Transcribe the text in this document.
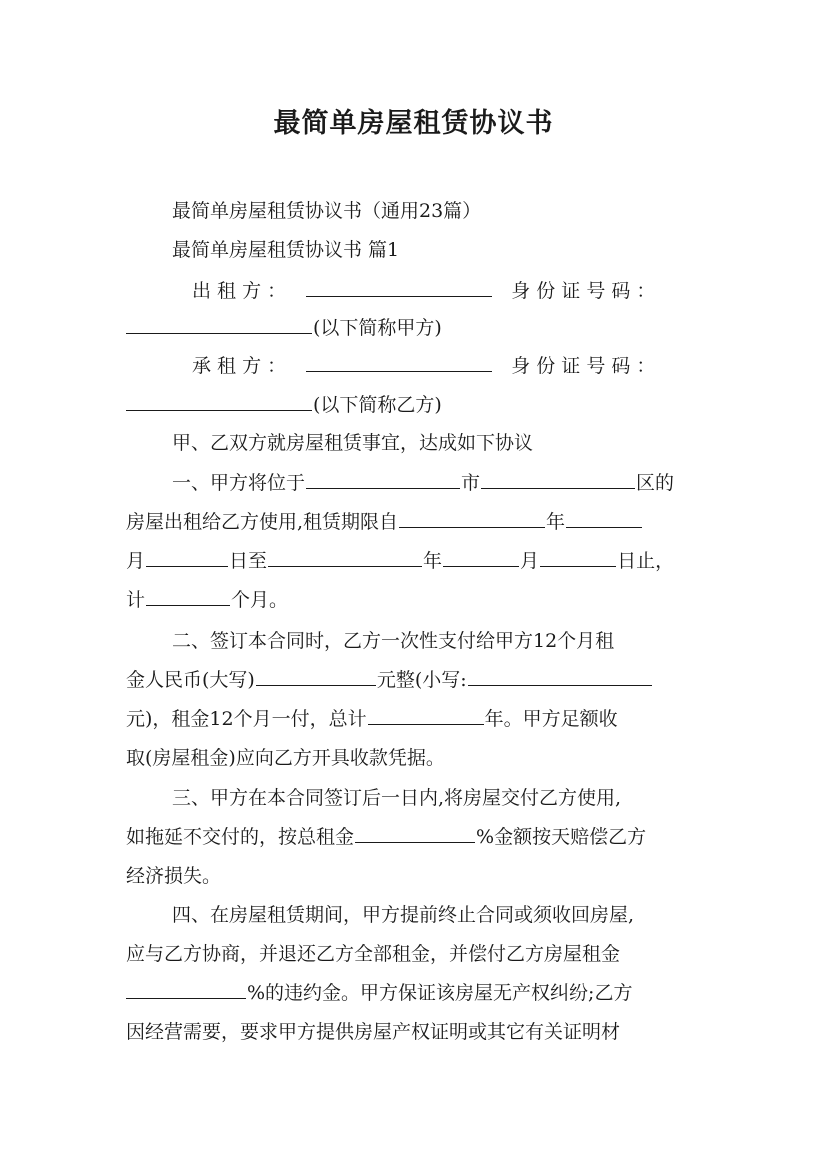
最简单房屋租赁协议书
最简单房屋租赁协议书（通用23篇）
最简单房屋租赁协议书 篇1
出 租 方 ：	身 份 证 号 码 ：
(以下简称甲方)
承 租 方 ：	身 份 证 号 码 ：
(以下简称乙方)
甲、乙双方就房屋租赁事宜，达成如下协议
一、甲方将位于	市	区的
房屋出租给乙方使用,租赁期限自	年
月	日至	年	月	日止，
计	个月。
二、签订本合同时，乙方一次性支付给甲方12个月租
金人民币(大写)	元整(小写:
元)，租金12个月一付，总计	年。甲方足额收
取(房屋租金)应向乙方开具收款凭据。
三、甲方在本合同签订后一日内,将房屋交付乙方使用,
如拖延不交付的，按总租金	%金额按天赔偿乙方
经济损失。
四、在房屋租赁期间，甲方提前终止合同或须收回房屋,
应与乙方协商，并退还乙方全部租金，并偿付乙方房屋租金
%的违约金。甲方保证该房屋无产权纠纷;乙方
因经营需要，要求甲方提供房屋产权证明或其它有关证明材
